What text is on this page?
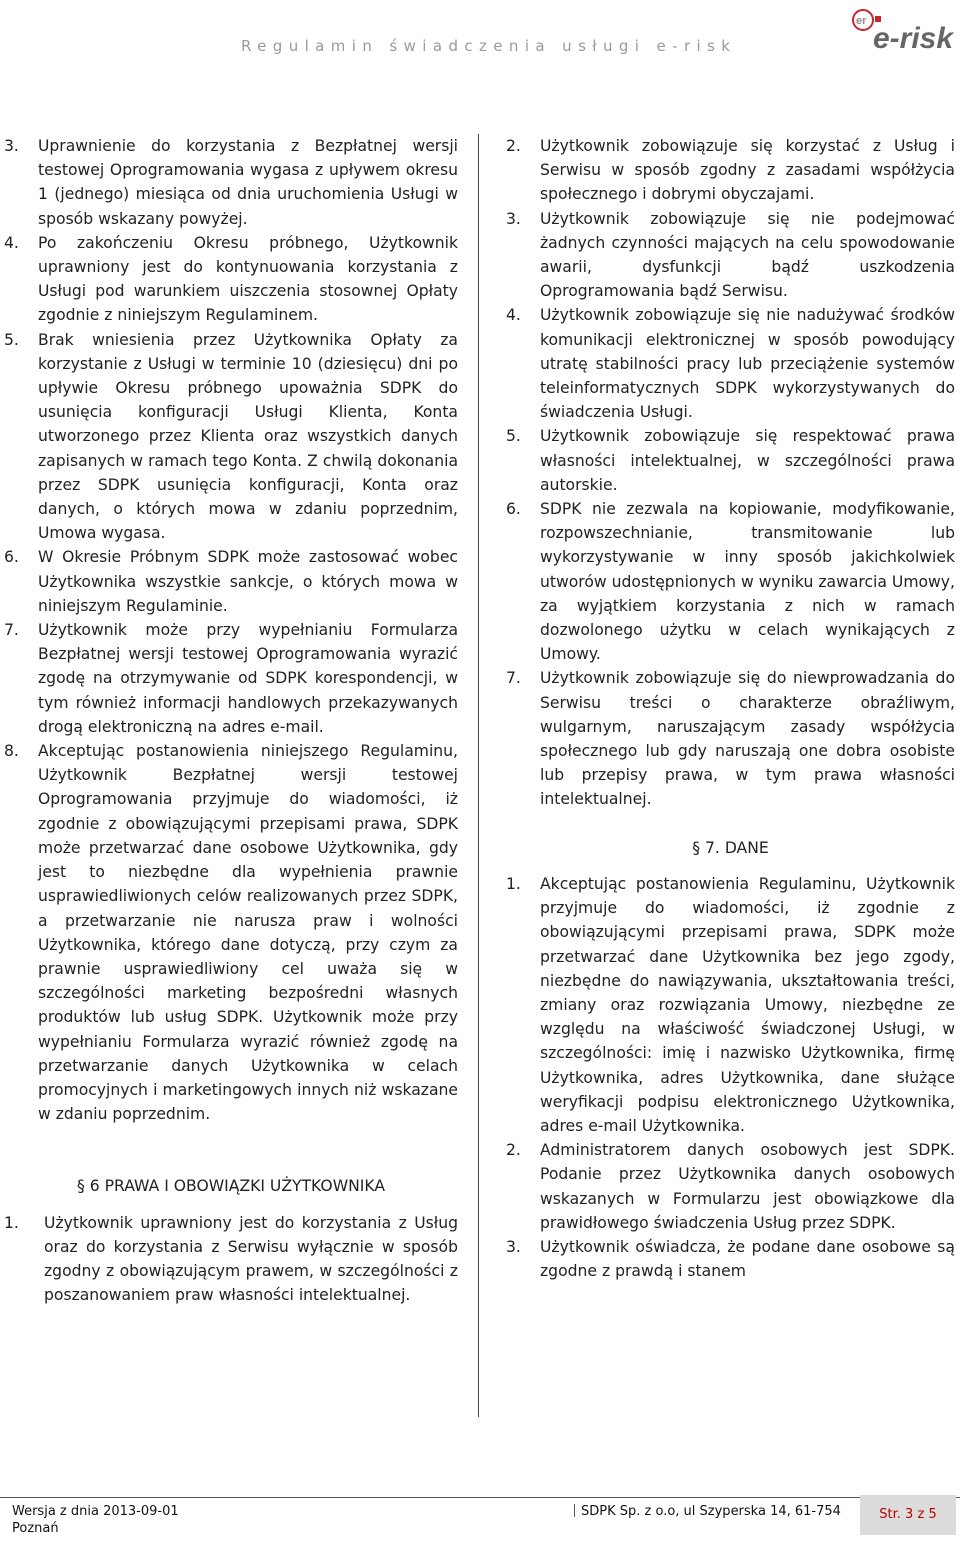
Regulamin świadczenia usługi e-risk
er
e-risk
3.	Uprawnienie do korzystania z Bezpłatnej wersji testowej Oprogramowania wygasa z upływem okresu 1 (jednego) miesiąca od dnia uruchomienia Usługi w sposób wskazany powyżej.
4.	Po zakończeniu Okresu próbnego, Użytkownik uprawniony jest do kontynuowania korzystania z Usługi pod warunkiem uiszczenia stosownej Opłaty zgodnie z niniejszym Regulaminem.
5.	Brak wniesienia przez Użytkownika Opłaty za korzystanie z Usługi w terminie 10 (dziesięcu) dni po upływie Okresu próbnego upoważnia SDPK do usunięcia konfiguracji Usługi Klienta, Konta utworzonego przez Klienta oraz wszystkich danych zapisanych w ramach tego Konta. Z chwilą dokonania przez SDPK usunięcia konfiguracji, Konta oraz danych, o których mowa w zdaniu poprzednim, Umowa wygasa.
6.	W Okresie Próbnym SDPK może zastosować wobec Użytkownika wszystkie sankcje, o których mowa w niniejszym Regulaminie.
7.	Użytkownik może przy wypełnianiu Formularza Bezpłatnej wersji testowej Oprogramowania wyrazić zgodę na otrzymywanie od SDPK korespondencji, w tym również informacji handlowych przekazywanych drogą elektroniczną na adres e-mail.
8.	Akceptując postanowienia niniejszego Regulaminu, Użytkownik Bezpłatnej wersji testowej Oprogramowania przyjmuje do wiadomości, iż zgodnie z obowiązującymi przepisami prawa, SDPK może przetwarzać dane osobowe Użytkownika, gdy jest to niezbędne dla wypełnienia prawnie usprawiedliwionych celów realizowanych przez SDPK, a przetwarzanie nie narusza praw i wolności Użytkownika, którego dane dotyczą, przy czym za prawnie usprawiedliwiony cel uważa się w szczególności marketing bezpośredni własnych produktów lub usług SDPK. Użytkownik może przy wypełnianiu Formularza wyrazić również zgodę na przetwarzanie danych Użytkownika w celach promocyjnych i marketingowych innych niż wskazane w zdaniu poprzednim.
§ 6 PRAWA I OBOWIĄZKI UŻYTKOWNIKA
1.	Użytkownik uprawniony jest do korzystania z Usług oraz do korzystania z Serwisu wyłącznie w sposób zgodny z obowiązującym prawem, w szczególności z poszanowaniem praw własności intelektualnej.
2.	Użytkownik zobowiązuje się korzystać z Usług i Serwisu w sposób zgodny z zasadami współżycia społecznego i dobrymi obyczajami.
3.	Użytkownik zobowiązuje się nie podejmować żadnych czynności mających na celu spowodowanie awarii, dysfunkcji bądź uszkodzenia Oprogramowania bądź Serwisu.
4.	Użytkownik zobowiązuje się nie nadużywać środków komunikacji elektronicznej w sposób powodujący utratę stabilności pracy lub przeciążenie systemów teleinformatycznych SDPK wykorzystywanych do świadczenia Usługi.
5.	Użytkownik zobowiązuje się respektować prawa własności intelektualnej, w szczególności prawa autorskie.
6.	SDPK nie zezwala na kopiowanie, modyfikowanie, rozpowszechnianie, transmitowanie lub wykorzystywanie w inny sposób jakichkolwiek utworów udostępnionych w wyniku zawarcia Umowy, za wyjątkiem korzystania z nich w ramach dozwolonego użytku w celach wynikających z Umowy.
7.	Użytkownik zobowiązuje się do niewprowadzania do Serwisu treści o charakterze obraźliwym, wulgarnym, naruszającym zasady współżycia społecznego lub gdy naruszają one dobra osobiste lub przepisy prawa, w tym prawa własności intelektualnej.
§ 7. DANE
1.	Akceptując postanowienia Regulaminu, Użytkownik przyjmuje do wiadomości, iż zgodnie z obowiązującymi przepisami prawa, SDPK może przetwarzać dane Użytkownika bez jego zgody, niezbędne do nawiązywania, ukształtowania treści, zmiany oraz rozwiązania Umowy, niezbędne ze względu na właściwość świadczonej Usługi, w szczególności: imię i nazwisko Użytkownika, firmę Użytkownika, adres Użytkownika, dane służące weryfikacji podpisu elektronicznego Użytkownika, adres e-mail Użytkownika.
2.	Administratorem danych osobowych jest SDPK. Podanie przez Użytkownika danych osobowych wskazanych w Formularzu jest obowiązkowe dla prawidłowego świadczenia Usług przez SDPK.
3.	Użytkownik oświadcza, że podane dane osobowe są zgodne z prawdą i stanem
Wersja z dnia 2013-09-01
Poznań
SDPK Sp. z o.o, ul Szyperska 14, 61-754	Str. 3 z 5
